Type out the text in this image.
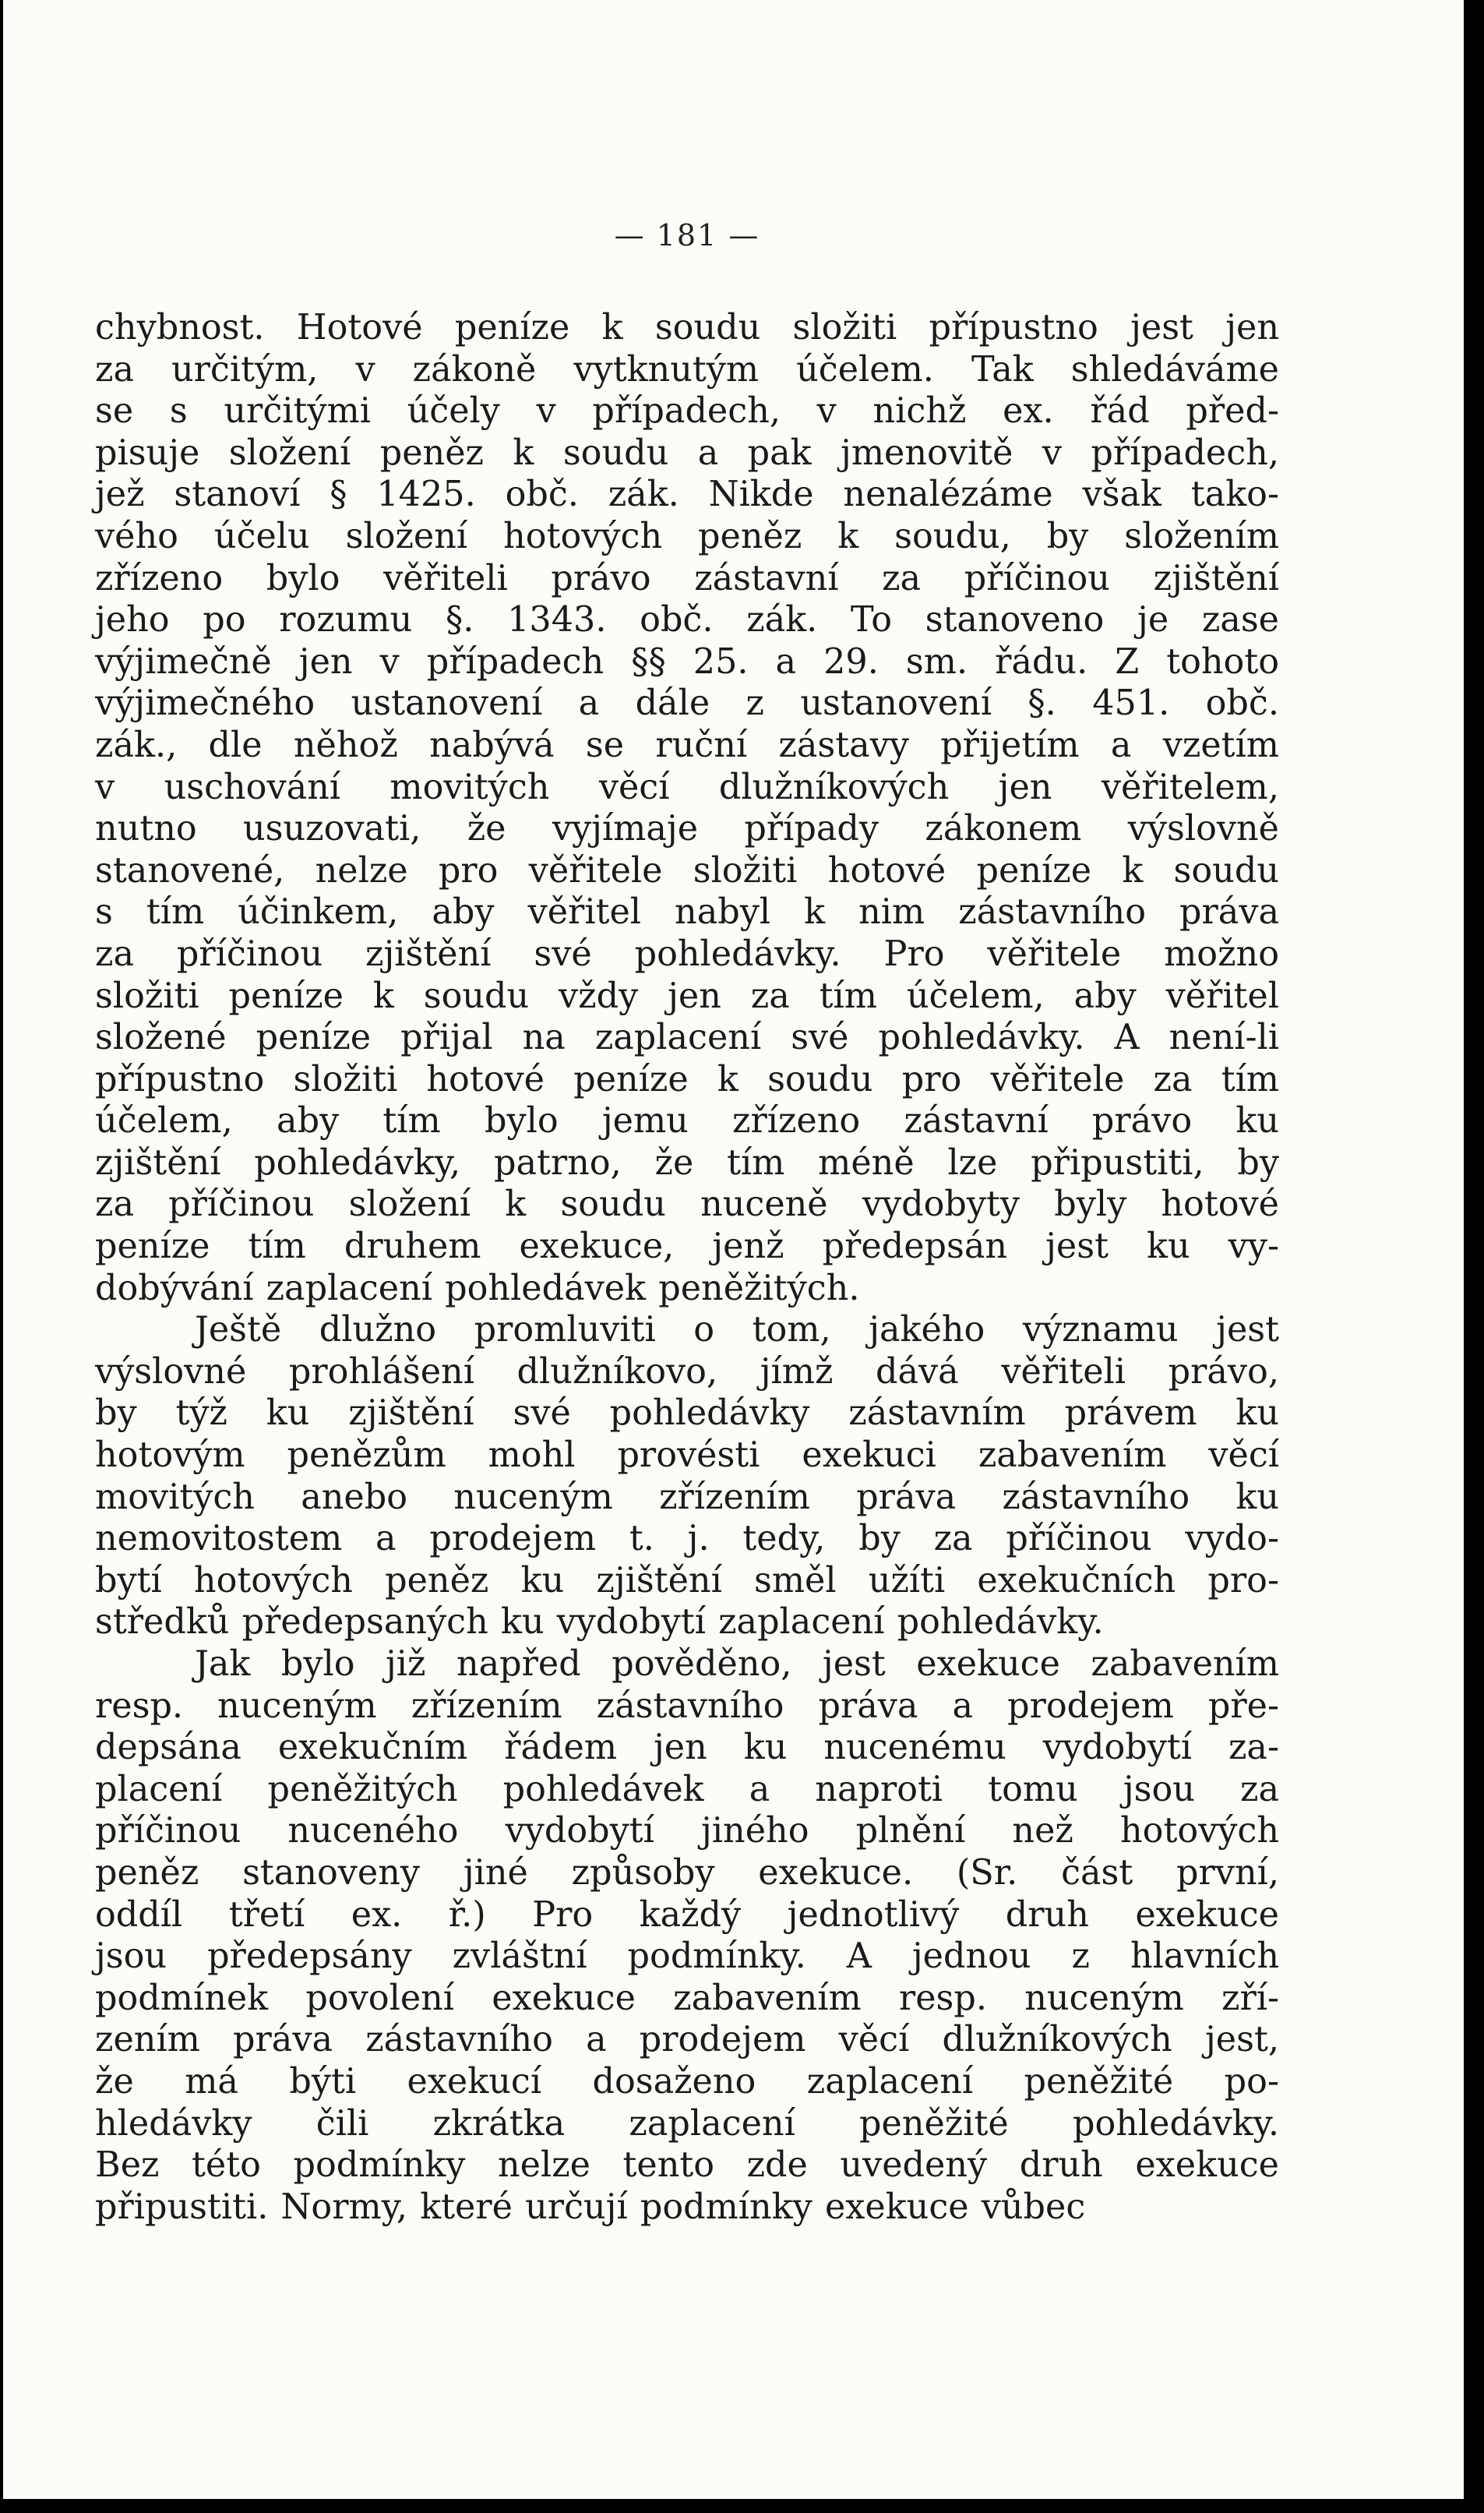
— 181 —

chybnost. Hotové peníze k soudu složiti přípustno jest jen
za určitým, v zákoně vytknutým účelem. Tak shledáváme
se s určitými účely v případech, v nichž ex. řád před-
pisuje složení peněz k soudu a pak jmenovitě v případech,
jež stanoví § 1425. obč. zák. Nikde nenalézáme však tako-
vého účelu složení hotových peněz k soudu, by složením
zřízeno bylo věřiteli právo zástavní za příčinou zjištění
jeho po rozumu §. 1343. obč. zák. To stanoveno je zase
výjimečně jen v případech §§ 25. a 29. sm. řádu. Z tohoto
výjimečného ustanovení a dále z ustanovení §. 451. obč.
zák., dle něhož nabývá se ruční zástavy přijetím a vzetím
v uschování movitých věcí dlužníkových jen věřitelem,
nutno usuzovati, že vyjímaje případy zákonem výslovně
stanovené, nelze pro věřitele složiti hotové peníze k soudu
s tím účinkem, aby věřitel nabyl k nim zástavního práva
za příčinou zjištění své pohledávky. Pro věřitele možno
složiti peníze k soudu vždy jen za tím účelem, aby věřitel
složené peníze přijal na zaplacení své pohledávky. A není-li
přípustno složiti hotové peníze k soudu pro věřitele za tím
účelem, aby tím bylo jemu zřízeno zástavní právo ku
zjištění pohledávky, patrno, že tím méně lze připustiti, by
za příčinou složení k soudu nuceně vydobyty byly hotové
peníze tím druhem exekuce, jenž předepsán jest ku vy-
dobývání zaplacení pohledávek peněžitých.

Ještě dlužno promluviti o tom, jakého významu jest
výslovné prohlášení dlužníkovo, jímž dává věřiteli právo,
by týž ku zjištění své pohledávky zástavním právem ku
hotovým penězům mohl provésti exekuci zabavením věcí
movitých anebo nuceným zřízením práva zástavního ku
nemovitostem a prodejem t. j. tedy, by za příčinou vydo-
bytí hotových peněz ku zjištění směl užíti exekučních pro-
středků předepsaných ku vydobytí zaplacení pohledávky.

Jak bylo již napřed pověděno, jest exekuce zabavením
resp. nuceným zřízením zástavního práva a prodejem pře-
depsána exekučním řádem jen ku nucenému vydobytí za-
placení peněžitých pohledávek a naproti tomu jsou za
příčinou nuceného vydobytí jiného plnění než hotových
peněz stanoveny jiné způsoby exekuce. (Sr. část první,
oddíl třetí ex. ř.) Pro každý jednotlivý druh exekuce
jsou předepsány zvláštní podmínky. A jednou z hlavních
podmínek povolení exekuce zabavením resp. nuceným zří-
zením práva zástavního a prodejem věcí dlužníkových jest,
že má býti exekucí dosaženo zaplacení peněžité po-
hledávky čili zkrátka zaplacení peněžité pohledávky.
Bez této podmínky nelze tento zde uvedený druh exekuce
připustiti. Normy, které určují podmínky exekuce vůbec
